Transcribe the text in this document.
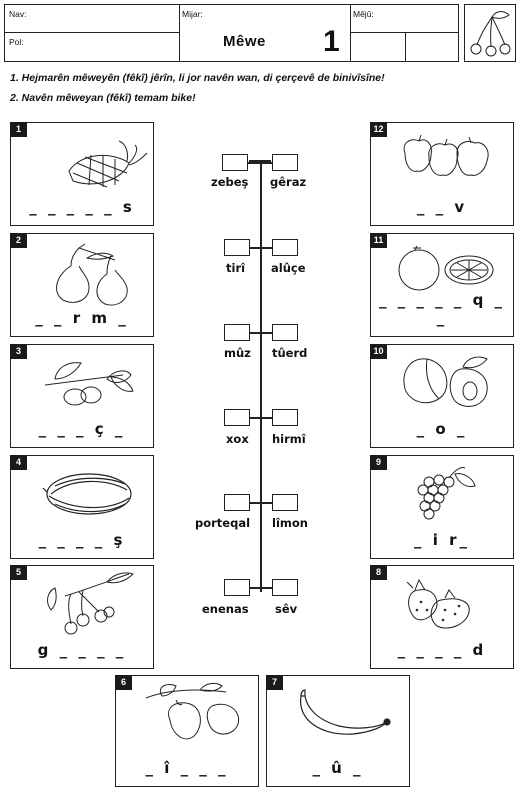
Nav:
Pol:
Mijar:	Mêjû:
Mêwe 1
1. Hejmarên mêweyên (fêkî) jêrîn, li jor navên wan, di çerçevê de binivîsîne!
2. Navên mêweyan (fêkî) temam bike!
1
_ _ _ _ _ s
2
_ _ r m _
3
_ _ _ ç _
4
_ _ _ _ ş
5
g _ _ _ _
12
_ _ v
11
_ _ _ _ _ q _ _
10
_ o _
9
_ i r_
8
_ _ _ _ d
6
_ î _ _ _
7
_ û _
zebeş gêraz
tirî alûçe
mûz tûerd
xox hirmî
porteqal lîmon
enenas sêv
